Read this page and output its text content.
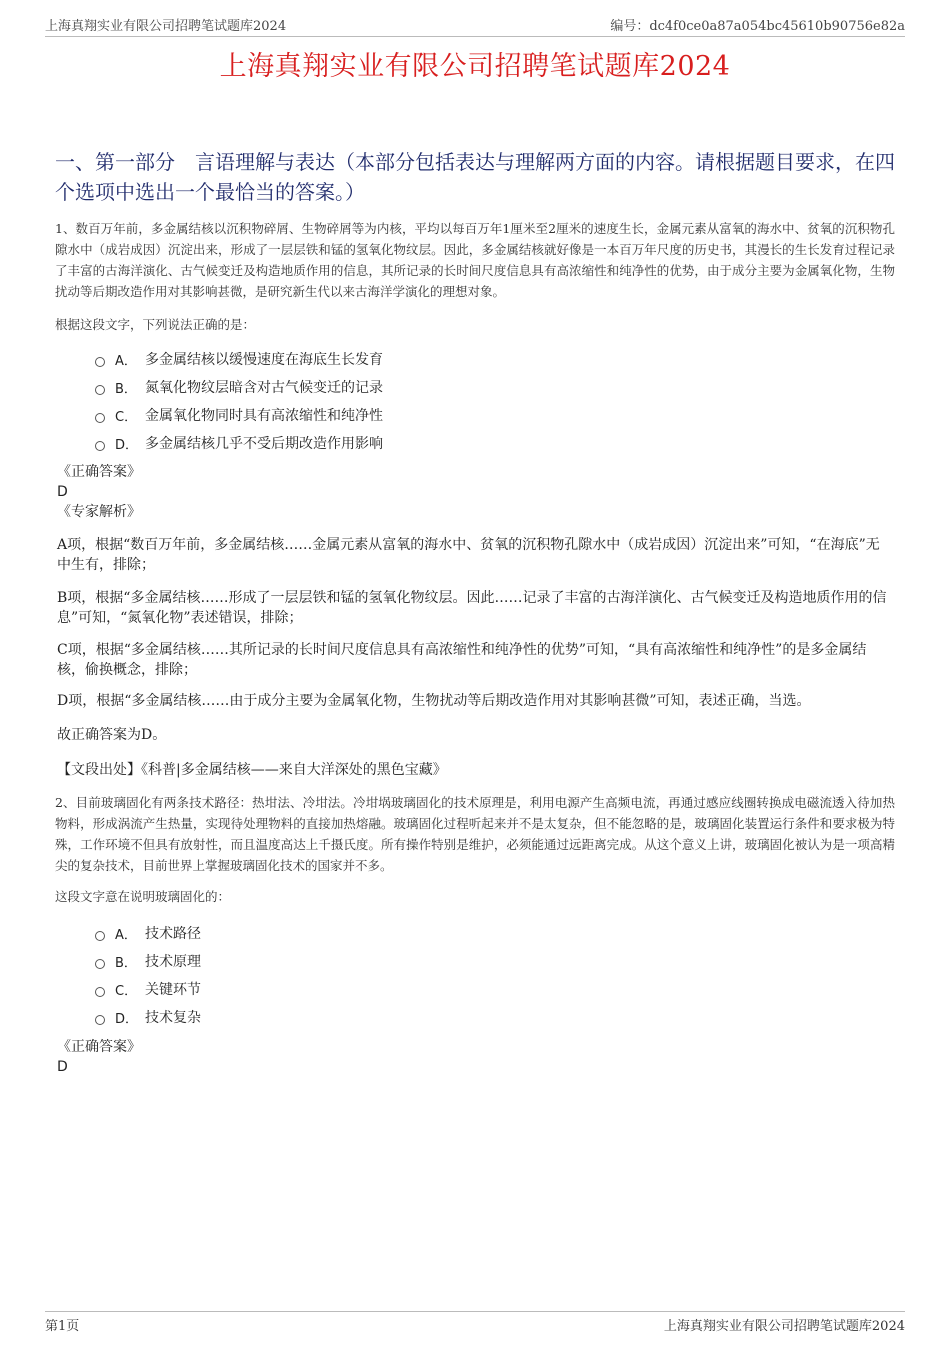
上海真翔实业有限公司招聘笔试题库2024	编号：dc4f0ce0a87a054bc45610b90756e82a
上海真翔实业有限公司招聘笔试题库2024
一、第一部分　言语理解与表达（本部分包括表达与理解两方面的内容。请根据题目要求，在四个选项中选出一个最恰当的答案。）

1、数百万年前，多金属结核以沉积物碎屑、生物碎屑等为内核，平均以每百万年1厘米至2厘米的速度生长，金属元素从富氧的海水中、贫氧的沉积物孔隙水中（成岩成因）沉淀出来，形成了一层层铁和锰的氢氧化物纹层。因此，多金属结核就好像是一本百万年尺度的历史书，其漫长的生长发育过程记录了丰富的古海洋演化、古气候变迁及构造地质作用的信息，其所记录的长时间尺度信息具有高浓缩性和纯净性的优势，由于成分主要为金属氧化物，生物扰动等后期改造作用对其影响甚微，是研究新生代以来古海洋学演化的理想对象。

根据这段文字，下列说法正确的是：

A． 多金属结核以缓慢速度在海底生长发育
B． 氮氧化物纹层暗含对古气候变迁的记录
C． 金属氧化物同时具有高浓缩性和纯净性
D． 多金属结核几乎不受后期改造作用影响
《正确答案》
D
《专家解析》
A项，根据“数百万年前，多金属结核……金属元素从富氧的海水中、贫氧的沉积物孔隙水中（成岩成因）沉淀出来”可知，“在海底”无中生有，排除；
B项，根据“多金属结核……形成了一层层铁和锰的氢氧化物纹层。因此……记录了丰富的古海洋演化、古气候变迁及构造地质作用的信息”可知，“氮氧化物”表述错误，排除；
C项，根据“多金属结核……其所记录的长时间尺度信息具有高浓缩性和纯净性的优势”可知，“具有高浓缩性和纯净性”的是多金属结核，偷换概念，排除；
D项，根据“多金属结核……由于成分主要为金属氧化物，生物扰动等后期改造作用对其影响甚微”可知，表述正确，当选。
故正确答案为D。
【文段出处】《科普|多金属结核——来自大洋深处的黑色宝藏》

2、目前玻璃固化有两条技术路径：热坩法、冷坩法。冷坩埚玻璃固化的技术原理是，利用电源产生高频电流，再通过感应线圈转换成电磁流透入待加热物料，形成涡流产生热量，实现待处理物料的直接加热熔融。玻璃固化过程听起来并不是太复杂，但不能忽略的是，玻璃固化装置运行条件和要求极为特殊，工作环境不但具有放射性，而且温度高达上千摄氏度。所有操作特别是维护，必须能通过远距离完成。从这个意义上讲，玻璃固化被认为是一项高精尖的复杂技术，目前世界上掌握玻璃固化技术的国家并不多。

这段文字意在说明玻璃固化的：

A． 技术路径
B． 技术原理
C． 关键环节
D． 技术复杂
《正确答案》
D
第1页	上海真翔实业有限公司招聘笔试题库2024
